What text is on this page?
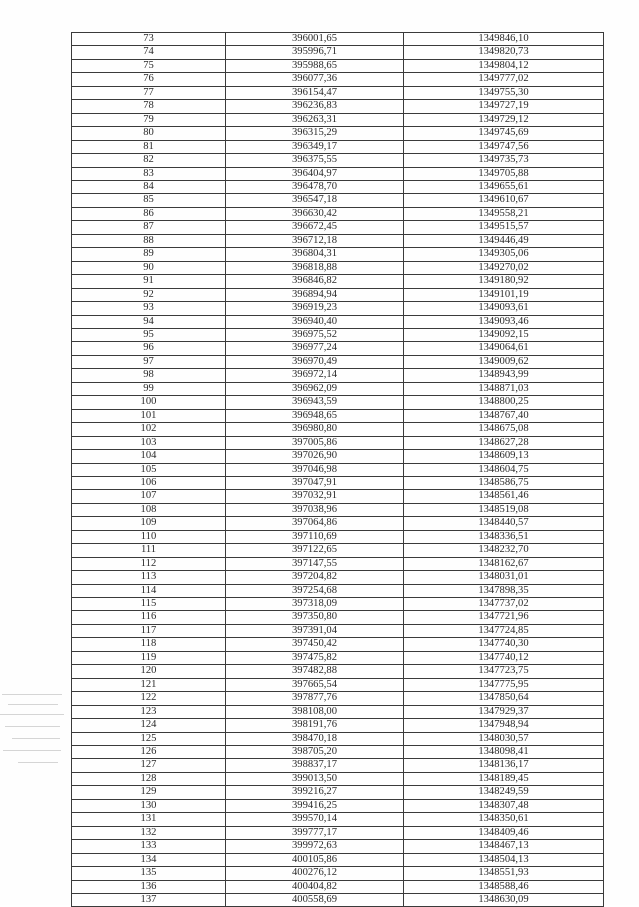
73	396001,65	1349846,10
74	395996,71	1349820,73
75	395988,65	1349804,12
76	396077,36	1349777,02
77	396154,47	1349755,30
78	396236,83	1349727,19
79	396263,31	1349729,12
80	396315,29	1349745,69
81	396349,17	1349747,56
82	396375,55	1349735,73
83	396404,97	1349705,88
84	396478,70	1349655,61
85	396547,18	1349610,67
86	396630,42	1349558,21
87	396672,45	1349515,57
88	396712,18	1349446,49
89	396804,31	1349305,06
90	396818,88	1349270,02
91	396846,82	1349180,92
92	396894,94	1349101,19
93	396919,23	1349093,61
94	396940,40	1349093,46
95	396975,52	1349092,15
96	396977,24	1349064,61
97	396970,49	1349009,62
98	396972,14	1348943,99
99	396962,09	1348871,03
100	396943,59	1348800,25
101	396948,65	1348767,40
102	396980,80	1348675,08
103	397005,86	1348627,28
104	397026,90	1348609,13
105	397046,98	1348604,75
106	397047,91	1348586,75
107	397032,91	1348561,46
108	397038,96	1348519,08
109	397064,86	1348440,57
110	397110,69	1348336,51
111	397122,65	1348232,70
112	397147,55	1348162,67
113	397204,82	1348031,01
114	397254,68	1347898,35
115	397318,09	1347737,02
116	397350,80	1347721,96
117	397391,04	1347724,85
118	397450,42	1347740,30
119	397475,82	1347740,12
120	397482,88	1347723,75
121	397665,54	1347775,95
122	397877,76	1347850,64
123	398108,00	1347929,37
124	398191,76	1347948,94
125	398470,18	1348030,57
126	398705,20	1348098,41
127	398837,17	1348136,17
128	399013,50	1348189,45
129	399216,27	1348249,59
130	399416,25	1348307,48
131	399570,14	1348350,61
132	399777,17	1348409,46
133	399972,63	1348467,13
134	400105,86	1348504,13
135	400276,12	1348551,93
136	400404,82	1348588,46
137	400558,69	1348630,09
